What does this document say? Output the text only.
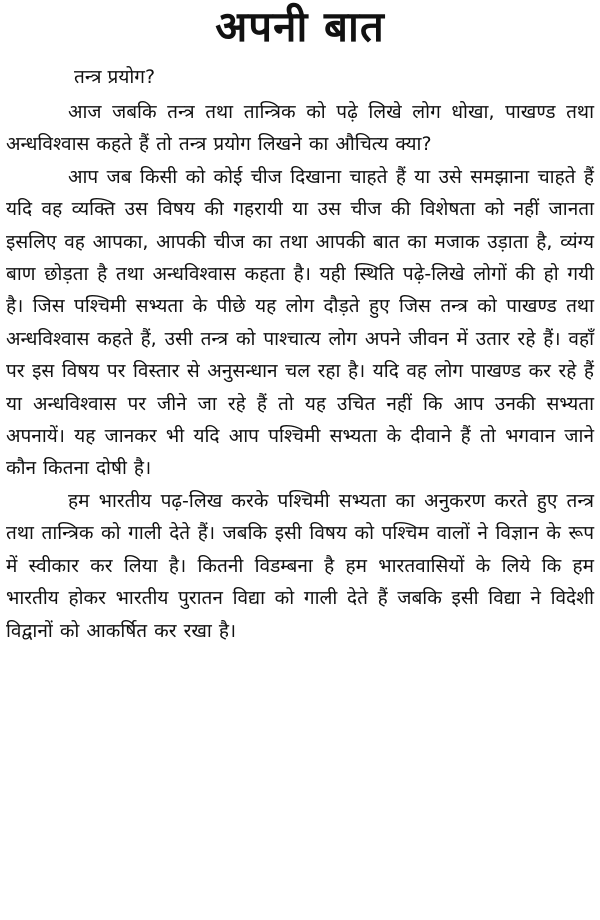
अपनी बात
तन्त्र प्रयोग?

आज जबकि तन्त्र तथा तान्त्रिक को पढ़े लिखे लोग धोखा, पाखण्ड तथा अन्धविश्वास कहते हैं तो तन्त्र प्रयोग लिखने का औचित्य क्या?

आप जब किसी को कोई चीज दिखाना चाहते हैं या उसे समझाना चाहते हैं यदि वह व्यक्ति उस विषय की गहरायी या उस चीज की विशेषता को नहीं जानता इसलिए वह आपका, आपकी चीज का तथा आपकी बात का मजाक उड़ाता है, व्यंग्य बाण छोड़ता है तथा अन्धविश्वास कहता है। यही स्थिति पढ़े-लिखे लोगों की हो गयी है। जिस पश्चिमी सभ्यता के पीछे यह लोग दौड़ते हुए जिस तन्त्र को पाखण्ड तथा अन्धविश्वास कहते हैं, उसी तन्त्र को पाश्चात्य लोग अपने जीवन में उतार रहे हैं। वहाँ पर इस विषय पर विस्तार से अनुसन्धान चल रहा है। यदि वह लोग पाखण्ड कर रहे हैं या अन्धविश्वास पर जीने जा रहे हैं तो यह उचित नहीं कि आप उनकी सभ्यता अपनायें। यह जानकर भी यदि आप पश्चिमी सभ्यता के दीवाने हैं तो भगवान जाने कौन कितना दोषी है।

हम भारतीय पढ़-लिख करके पश्चिमी सभ्यता का अनुकरण करते हुए तन्त्र तथा तान्त्रिक को गाली देते हैं। जबकि इसी विषय को पश्चिम वालों ने विज्ञान के रूप में स्वीकार कर लिया है। कितनी विडम्बना है हम भारतवासियों के लिये कि हम भारतीय होकर भारतीय पुरातन विद्या को गाली देते हैं जबकि इसी विद्या ने विदेशी विद्वानों को आकर्षित कर रखा है।
